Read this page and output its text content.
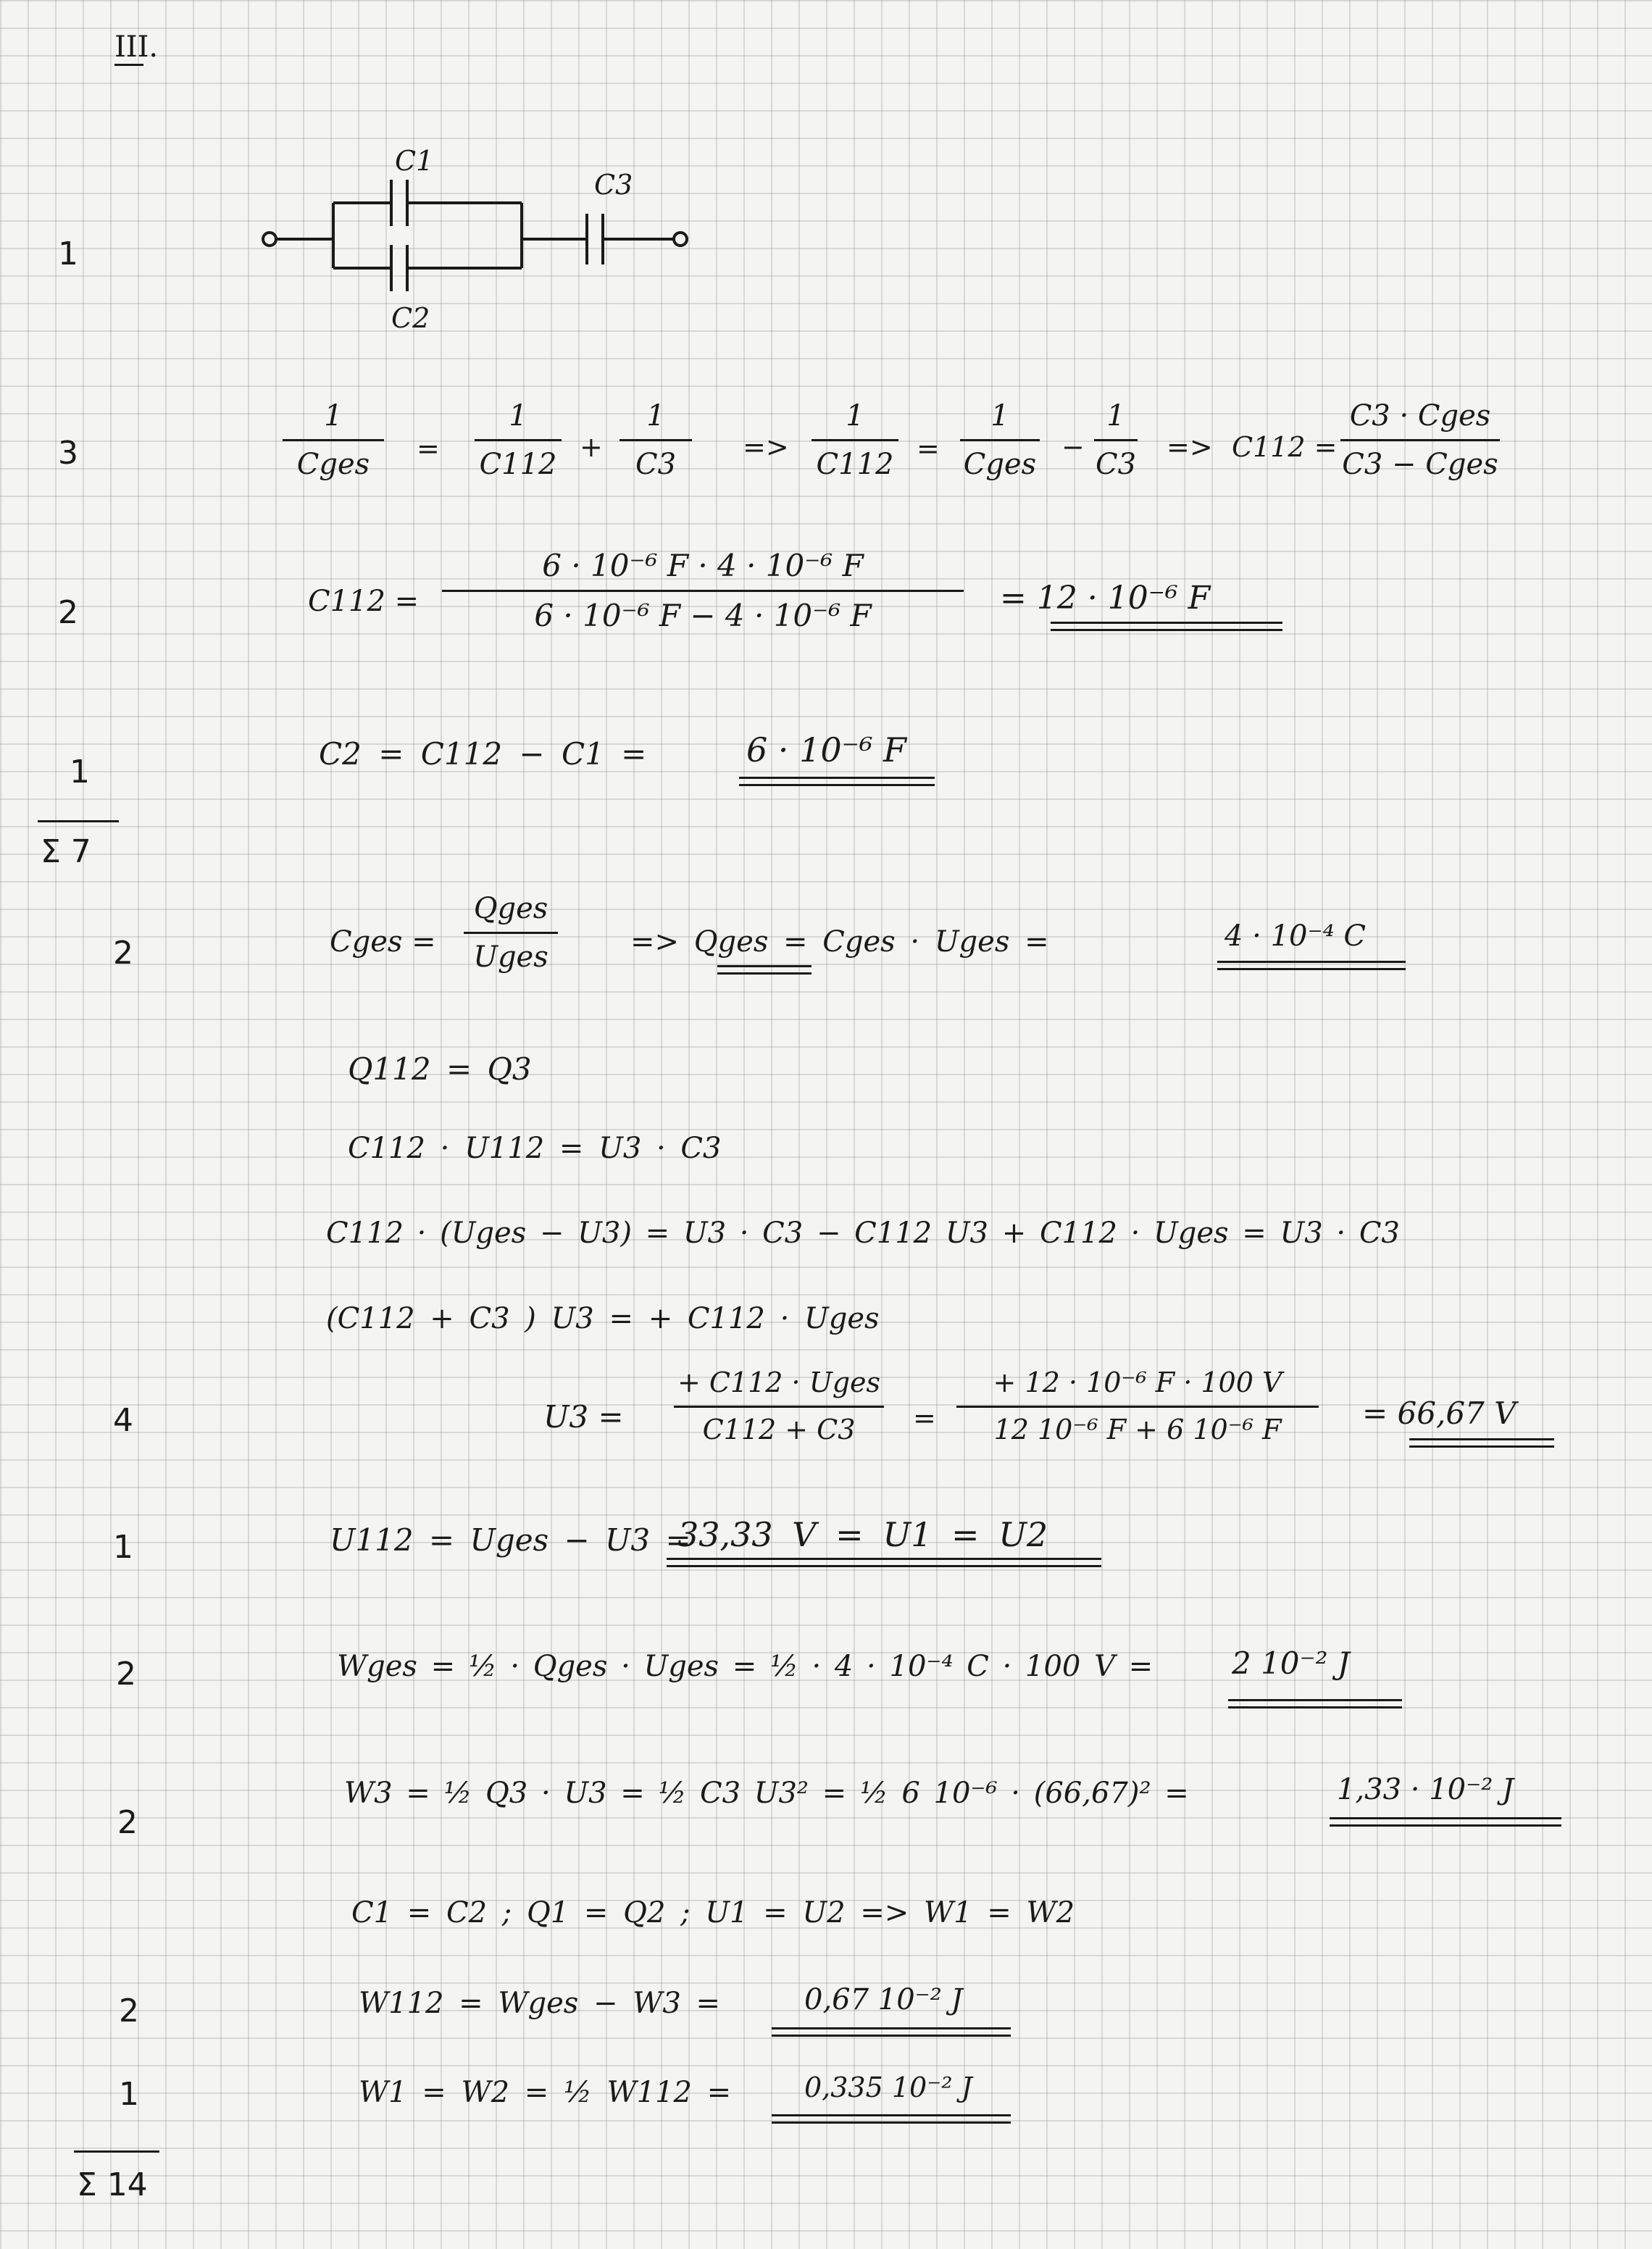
III.
1
3
2
1
2
4
1
2
2
2
1
Σ 7
Σ 14
C1
C2
C3
1
Cges =
1
C112
+
1
C3
=>
1
C112 =
1
Cges
−
1
C3
=> C112 =
C3 · Cges
C3 − Cges
C112 =
6 · 10⁻⁶ F · 4 · 10⁻⁶ F
6 · 10⁻⁶ F − 4 · 10⁻⁶ F	= 12 · 10⁻⁶ F
C2 = C112 − C1 =	6 · 10⁻⁶ F
Cges =
Qges
Uges	=> Qges = Cges · Uges =	4 · 10⁻⁴ C
Q112 = Q3
C112 · U112 = U3 · C3
C112 · (Uges − U3) = U3 · C3 − C112 U3 + C112 · Uges = U3 · C3
(C112 + C3 ) U3 = + C112 · Uges
U3 =
+ C112 · Uges
C112 + C3 =
+ 12 · 10⁻⁶ F · 100 V
12 10⁻⁶ F + 6 10⁻⁶ F	= 66,67 V
U112 = Uges − U3 =
33,33 V = U1 = U2
Wges = ½ · Qges · Uges = ½ · 4 · 10⁻⁴ C · 100 V =	2 10⁻² J
W3 = ½ Q3 · U3 = ½ C3 U3² = ½ 6 10⁻⁶ · (66,67)² =	1,33 · 10⁻² J
C1 = C2 ; Q1 = Q2 ; U1 = U2 => W1 = W2
W112 = Wges − W3 =	0,67 10⁻² J
W1 = W2 = ½ W112 =	0,335 10⁻² J
